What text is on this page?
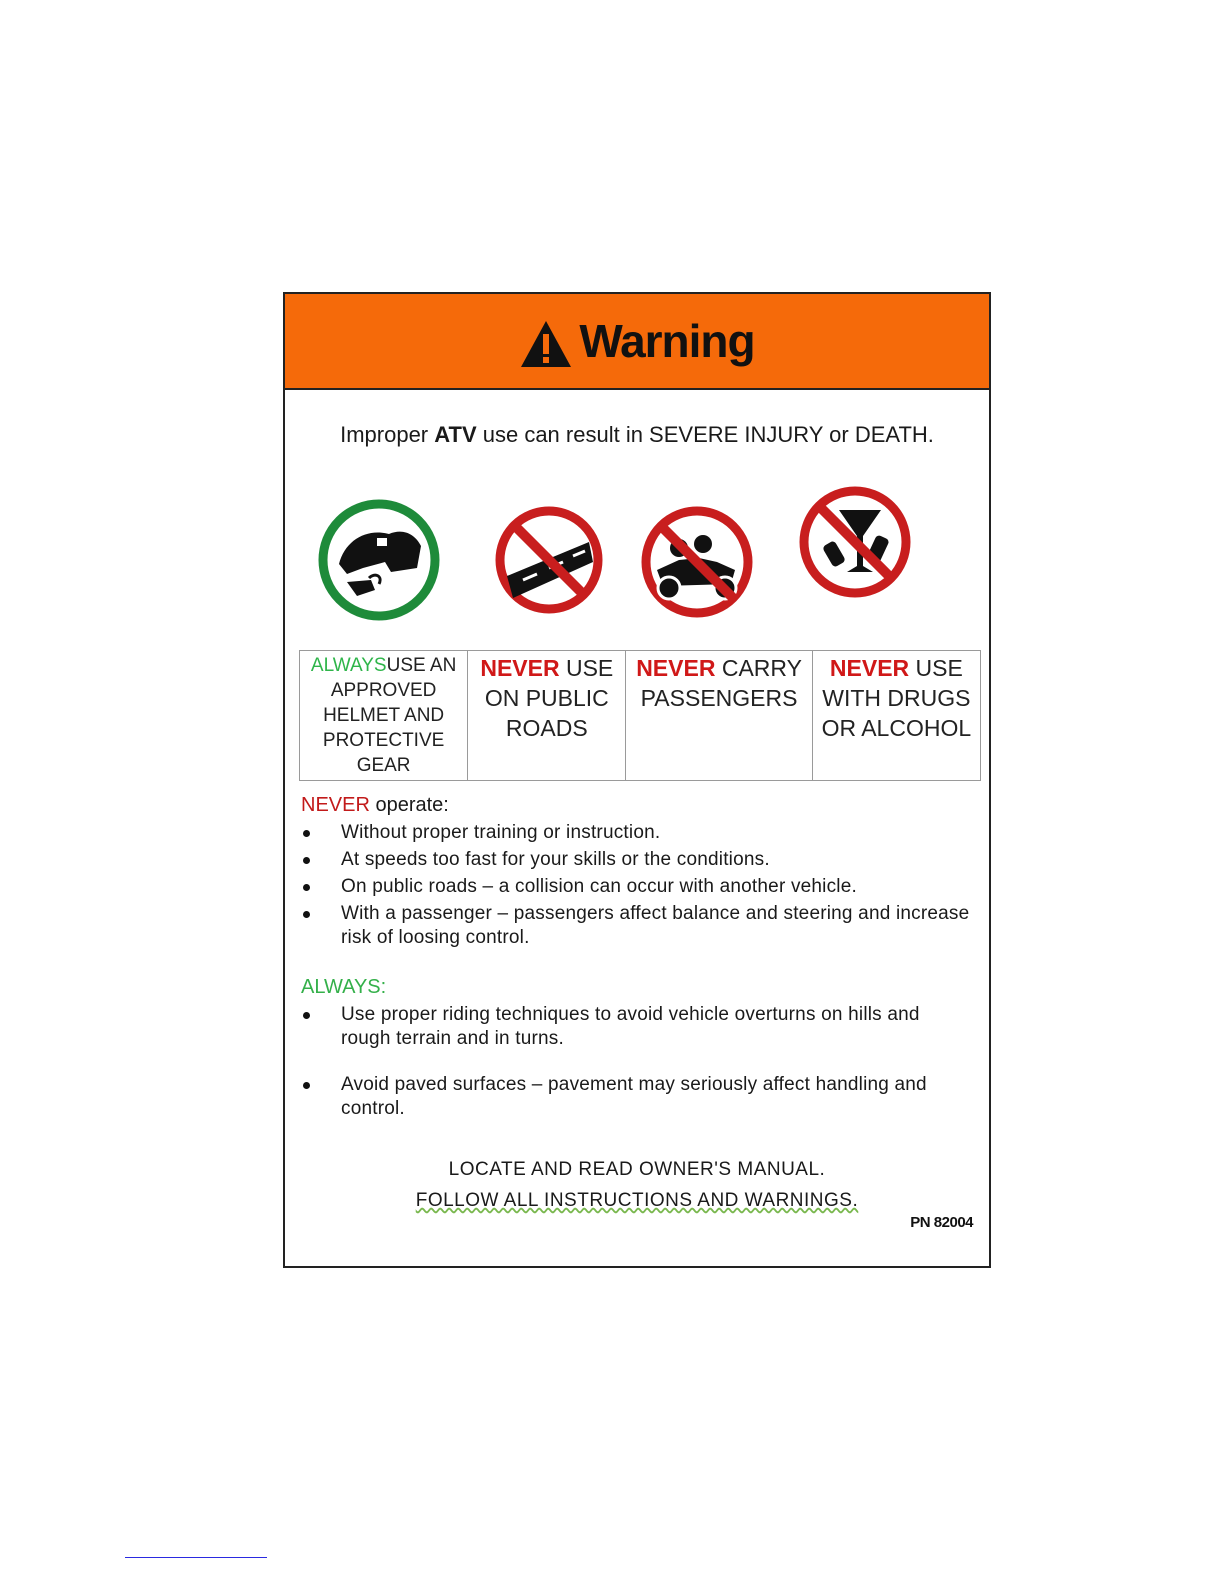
Warning
Improper ATV use can result in SEVERE INJURY or DEATH.
ALWAYSUSE AN APPROVED HELMET AND PROTECTIVE GEAR	NEVER USE ON PUBLIC ROADS	NEVER CARRY PASSENGERS	NEVER USE WITH DRUGS OR ALCOHOL
NEVER operate:
Without proper training or instruction.
At speeds too fast for your skills or the conditions.
On public roads – a collision can occur with another vehicle.
With a passenger – passengers affect balance and steering and increase risk of loosing control.
ALWAYS:
Use proper riding techniques to avoid vehicle overturns on hills and rough terrain and in turns.
Avoid paved surfaces – pavement may seriously affect handling and control.
LOCATE AND READ OWNER'S MANUAL.
FOLLOW ALL INSTRUCTIONS AND WARNINGS.
PN 82004
